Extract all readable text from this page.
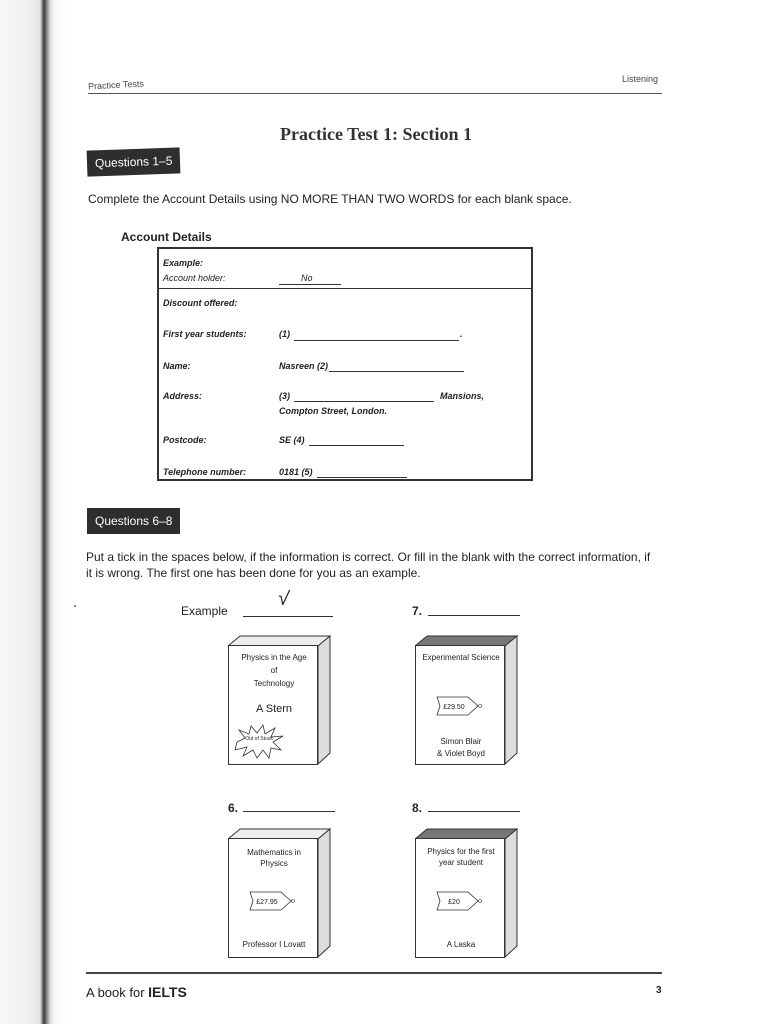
Practice Tests	Listening
Practice Test 1: Section 1
Questions 1–5
Complete the Account Details using NO MORE THAN TWO WORDS for each blank space.
Account Details
Example:
Account holder:	No
Discount offered:
First year students:	(1)	.
Name:	Nasreen (2)
Address:	(3)	Mansions,
Compton Street, London.
Postcode:	SE (4)
Telephone number:	0181 (5)
Questions 6–8
Put a tick in the spaces below, if the information is correct. Or fill in the blank with the correct information, if
it is wrong. The first one has been done for you as an example.
Example
√
7.
6.	8.
Physics in the Age
of
Technology
A Stern
Out of Stock
Experimental Science
£29.50
Simon Blair
& Violet Boyd
Mathematics in Physics
£27.95
Professor I Lovatt
Physics for the first year student
£20
A Laska
A book for IELTS	3
